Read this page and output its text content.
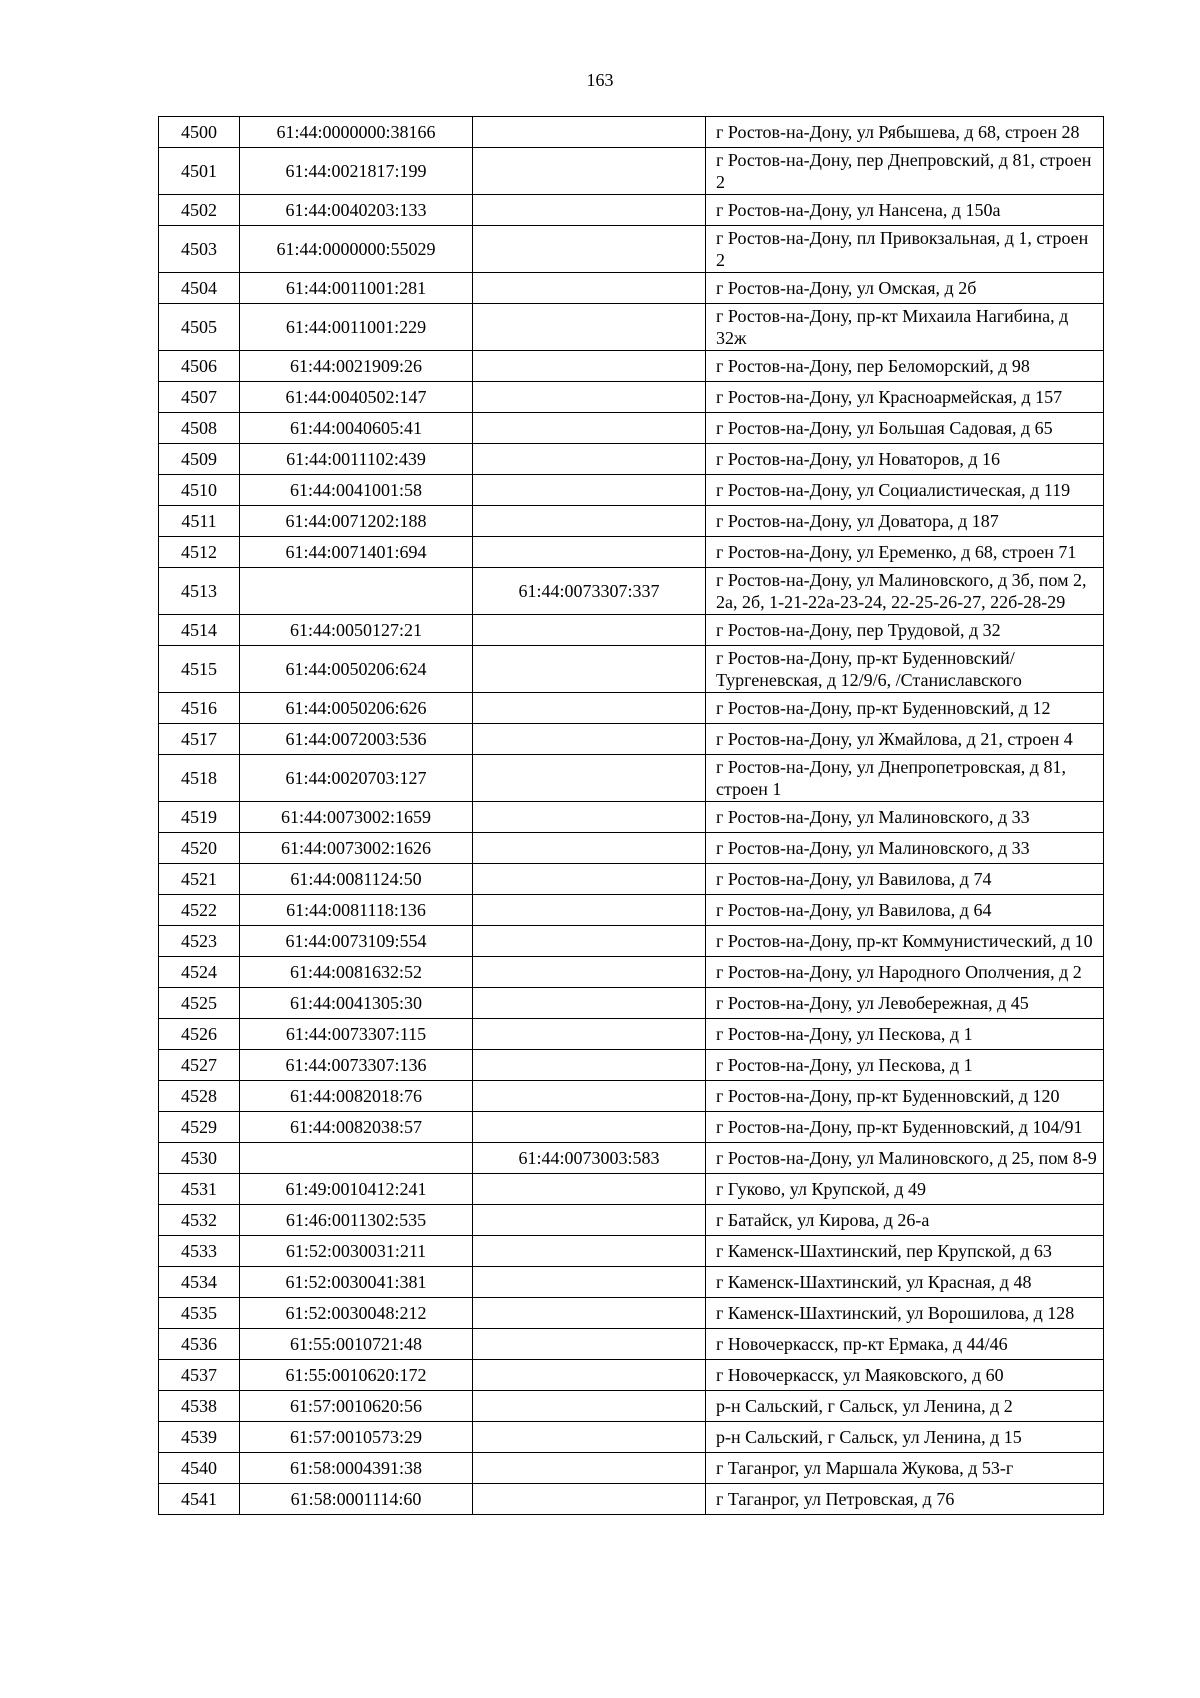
163
4500	61:44:0000000:38166		г Ростов-на-Дону, ул Рябышева, д 68, строен 28
4501	61:44:0021817:199		г Ростов-на-Дону, пер Днепровский, д 81, строен 2
4502	61:44:0040203:133		г Ростов-на-Дону, ул Нансена, д 150а
4503	61:44:0000000:55029		г Ростов-на-Дону, пл Привокзальная, д 1, строен 2
4504	61:44:0011001:281		г Ростов-на-Дону, ул Омская, д 2б
4505	61:44:0011001:229		г Ростов-на-Дону, пр-кт Михаила Нагибина, д 32ж
4506	61:44:0021909:26		г Ростов-на-Дону, пер Беломорский, д 98
4507	61:44:0040502:147		г Ростов-на-Дону, ул Красноармейская, д 157
4508	61:44:0040605:41		г Ростов-на-Дону, ул Большая Садовая, д 65
4509	61:44:0011102:439		г Ростов-на-Дону, ул Новаторов, д 16
4510	61:44:0041001:58		г Ростов-на-Дону, ул Социалистическая, д 119
4511	61:44:0071202:188		г Ростов-на-Дону, ул Доватора, д 187
4512	61:44:0071401:694		г Ростов-на-Дону, ул Еременко, д 68, строен 71
4513		61:44:0073307:337	г Ростов-на-Дону, ул Малиновского, д 3б, пом 2, 2а, 2б, 1-21-22а-23-24, 22-25-26-27, 22б-28-29
4514	61:44:0050127:21		г Ростов-на-Дону, пер Трудовой, д 32
4515	61:44:0050206:624		г Ростов-на-Дону, пр-кт Буденновский/Тургеневская, д 12/9/6, /Станиславского
4516	61:44:0050206:626		г Ростов-на-Дону, пр-кт Буденновский, д 12
4517	61:44:0072003:536		г Ростов-на-Дону, ул Жмайлова, д 21, строен 4
4518	61:44:0020703:127		г Ростов-на-Дону, ул Днепропетровская, д 81, строен 1
4519	61:44:0073002:1659		г Ростов-на-Дону, ул Малиновского, д 33
4520	61:44:0073002:1626		г Ростов-на-Дону, ул Малиновского, д 33
4521	61:44:0081124:50		г Ростов-на-Дону, ул Вавилова, д 74
4522	61:44:0081118:136		г Ростов-на-Дону, ул Вавилова, д 64
4523	61:44:0073109:554		г Ростов-на-Дону, пр-кт Коммунистический, д 10
4524	61:44:0081632:52		г Ростов-на-Дону, ул Народного Ополчения, д 2
4525	61:44:0041305:30		г Ростов-на-Дону, ул Левобережная, д 45
4526	61:44:0073307:115		г Ростов-на-Дону, ул Пескова, д 1
4527	61:44:0073307:136		г Ростов-на-Дону, ул Пескова, д 1
4528	61:44:0082018:76		г Ростов-на-Дону, пр-кт Буденновский, д 120
4529	61:44:0082038:57		г Ростов-на-Дону, пр-кт Буденновский, д 104/91
4530		61:44:0073003:583	г Ростов-на-Дону, ул Малиновского, д 25, пом 8-9
4531	61:49:0010412:241		г Гуково, ул Крупской, д 49
4532	61:46:0011302:535		г Батайск, ул Кирова, д 26-а
4533	61:52:0030031:211		г Каменск-Шахтинский, пер Крупской, д 63
4534	61:52:0030041:381		г Каменск-Шахтинский, ул Красная, д 48
4535	61:52:0030048:212		г Каменск-Шахтинский, ул Ворошилова, д 128
4536	61:55:0010721:48		г Новочеркасск, пр-кт Ермака, д 44/46
4537	61:55:0010620:172		г Новочеркасск, ул Маяковского, д 60
4538	61:57:0010620:56		р-н Сальский, г Сальск, ул Ленина, д 2
4539	61:57:0010573:29		р-н Сальский, г Сальск, ул Ленина, д 15
4540	61:58:0004391:38		г Таганрог, ул Маршала Жукова, д 53-г
4541	61:58:0001114:60		г Таганрог, ул Петровская, д 76
